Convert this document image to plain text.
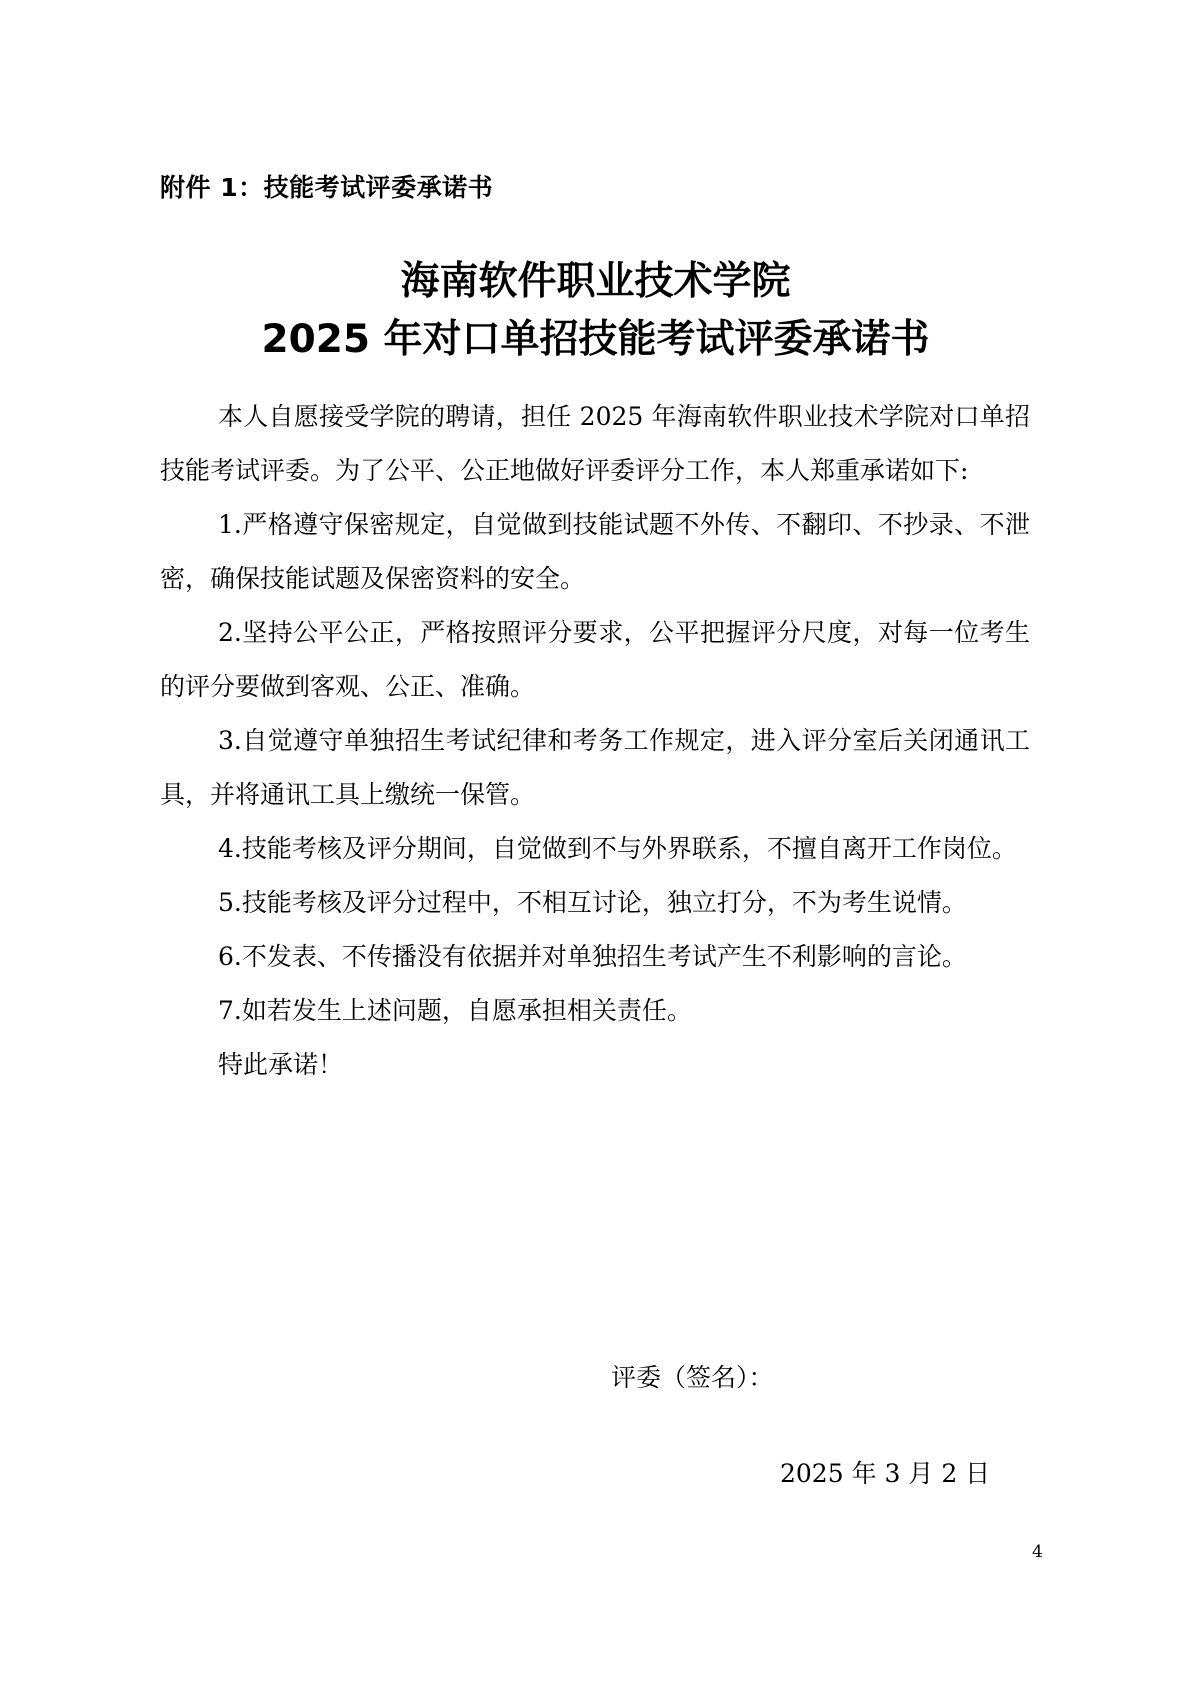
附件 1：技能考试评委承诺书
海南软件职业技术学院
2025 年对口单招技能考试评委承诺书

本人自愿接受学院的聘请，担任 2025 年海南软件职业技术学院对口单招技能考试评委。为了公平、公正地做好评委评分工作，本人郑重承诺如下:

1.严格遵守保密规定，自觉做到技能试题不外传、不翻印、不抄录、不泄密，确保技能试题及保密资料的安全。

2.坚持公平公正，严格按照评分要求，公平把握评分尺度，对每一位考生的评分要做到客观、公正、准确。

3.自觉遵守单独招生考试纪律和考务工作规定，进入评分室后关闭通讯工具，并将通讯工具上缴统一保管。

4.技能考核及评分期间，自觉做到不与外界联系，不擅自离开工作岗位。

5.技能考核及评分过程中，不相互讨论，独立打分，不为考生说情。

6.不发表、不传播没有依据并对单独招生考试产生不利影响的言论。

7.如若发生上述问题，自愿承担相关责任。

特此承诺！

评委（签名）：
2025 年 3 月 2 日
4
